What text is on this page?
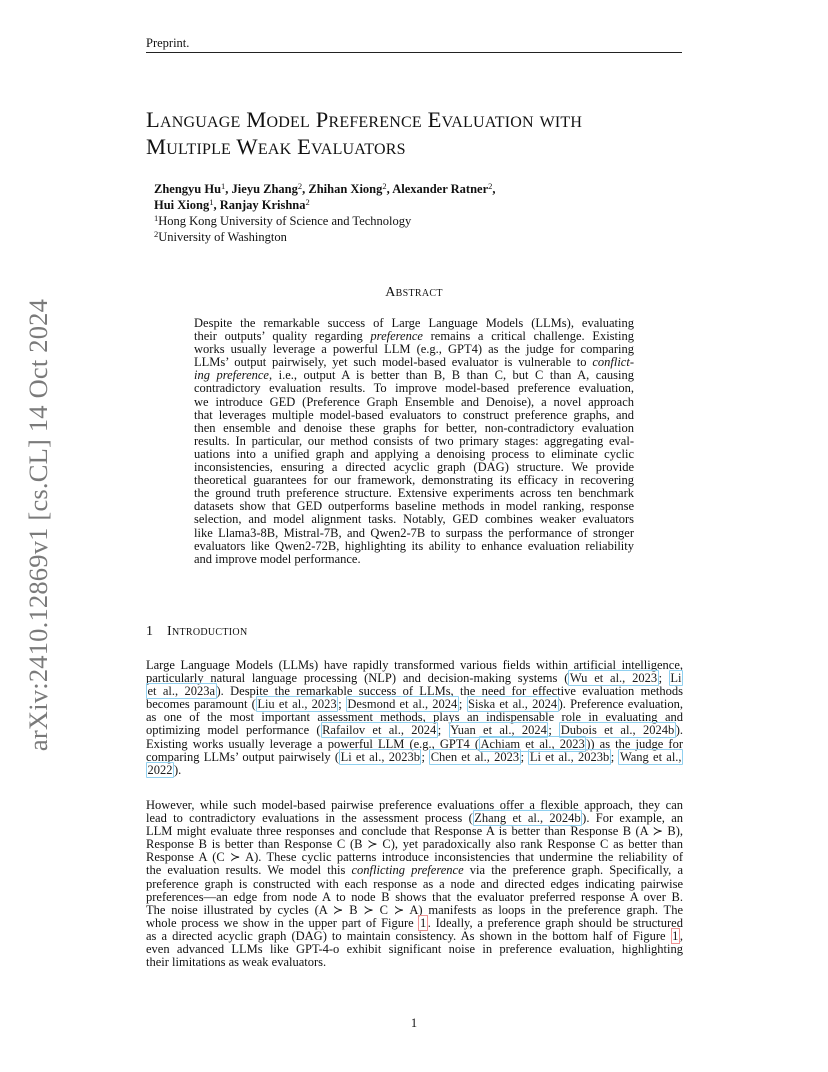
arXiv:2410.12869v1 [cs.CL] 14 Oct 2024
Preprint.
Language Model Preference Evaluation with
Multiple Weak Evaluators
Zhengyu Hu$^1$, Jieyu Zhang$^2$, Zhihan Xiong$^2$, Alexander Ratner$^2$,
Hui Xiong$^1$, Ranjay Krishna$^2$
$^1$Hong Kong University of Science and Technology
$^2$University of Washington
Abstract
Despite the remarkable success of Large Language Models (LLMs), evaluating
their outputs’ quality regarding preference remains a critical challenge. Existing
works usually leverage a powerful LLM (e.g., GPT4) as the judge for comparing
LLMs’ output pairwisely, yet such model-based evaluator is vulnerable to conflict-
ing preference, i.e., output A is better than B, B than C, but C than A, causing
contradictory evaluation results. To improve model-based preference evaluation,
we introduce GED (Preference Graph Ensemble and Denoise), a novel approach
that leverages multiple model-based evaluators to construct preference graphs, and
then ensemble and denoise these graphs for better, non-contradictory evaluation
results. In particular, our method consists of two primary stages: aggregating eval-
uations into a unified graph and applying a denoising process to eliminate cyclic
inconsistencies, ensuring a directed acyclic graph (DAG) structure. We provide
theoretical guarantees for our framework, demonstrating its efficacy in recovering
the ground truth preference structure. Extensive experiments across ten benchmark
datasets show that GED outperforms baseline methods in model ranking, response
selection, and model alignment tasks. Notably, GED combines weaker evaluators
like Llama3-8B, Mistral-7B, and Qwen2-7B to surpass the performance of stronger
evaluators like Qwen2-72B, highlighting its ability to enhance evaluation reliability
and improve model performance.
1 Introduction
Large Language Models (LLMs) have rapidly transformed various fields within artificial intelligence,
particularly natural language processing (NLP) and decision-making systems ( Wu et al., 2023 ; Li
et al., 2023a ). Despite the remarkable success of LLMs, the need for effective evaluation methods
becomes paramount ( Liu et al., 2023 ; Desmond et al., 2024 ; Siska et al., 2024 ). Preference evaluation,
as one of the most important assessment methods, plays an indispensable role in evaluating and
optimizing model performance ( Rafailov et al., 2024 ; Yuan et al., 2024 ; Dubois et al., 2024b ).
Existing works usually leverage a powerful LLM (e.g., GPT4 ( Achiam et al., 2023 )) as the judge for
comparing LLMs’ output pairwisely ( Li et al., 2023b ; Chen et al., 2023 ; Li et al., 2023b ; Wang et al.,
2022 ).
However, while such model-based pairwise preference evaluations offer a flexible approach, they can
lead to contradictory evaluations in the assessment process ( Zhang et al., 2024b ). For example, an
LLM might evaluate three responses and conclude that Response A is better than Response B (A ≻ B),
Response B is better than Response C (B ≻ C), yet paradoxically also rank Response C as better than
Response A (C ≻ A). These cyclic patterns introduce inconsistencies that undermine the reliability of
the evaluation results. We model this conflicting preference via the preference graph. Specifically, a
preference graph is constructed with each response as a node and directed edges indicating pairwise
preferences—an edge from node A to node B shows that the evaluator preferred response A over B.
The noise illustrated by cycles (A ≻ B ≻ C ≻ A) manifests as loops in the preference graph. The
whole process we show in the upper part of Figure 1 . Ideally, a preference graph should be structured
as a directed acyclic graph (DAG) to maintain consistency. As shown in the bottom half of Figure 1 ,
even advanced LLMs like GPT-4-o exhibit significant noise in preference evaluation, highlighting
their limitations as weak evaluators.
1
